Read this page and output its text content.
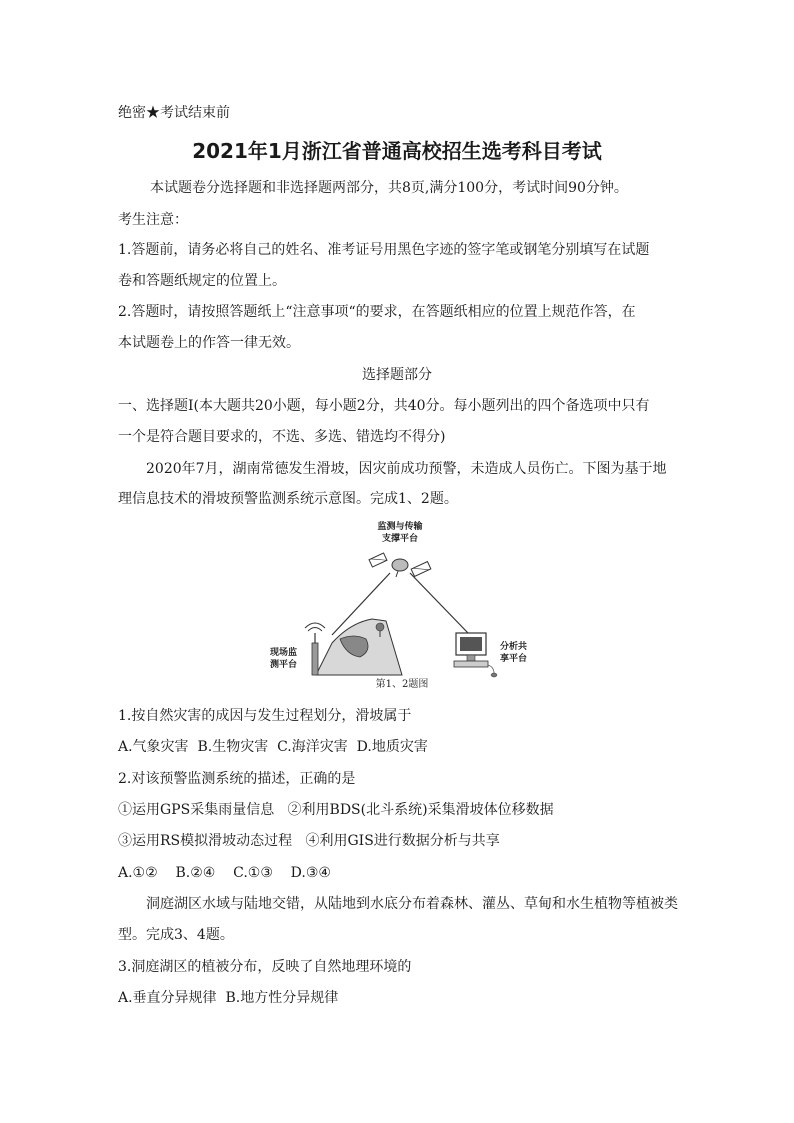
绝密★考试结束前
2021年1月浙江省普通高校招生选考科目考试
本试题卷分选择题和非选择题两部分，共8页,满分100分，考试时间90分钟。
考生注意：
1.答题前，请务必将自己的姓名、准考证号用黑色字迹的签字笔或钢笔分别填写在试题
卷和答题纸规定的位置上。
2.答题时，请按照答题纸上“注意事项“的要求，在答题纸相应的位置上规范作答，在
本试题卷上的作答一律无效。
选择题部分
一、选择题Ⅰ(本大题共20小题，每小题2分，共40分。每小题列出的四个备选项中只有
一个是符合题目要求的，不选、多选、错选均不得分)
2020年7月，湖南常德发生滑坡，因灾前成功预警，未造成人员伤亡。下图为基于地
理信息技术的滑坡预警监测系统示意图。完成1、2题。
监测与传输
支撑平台
现场监
测平台
分析共
享平台
第1、2题图
1.按自然灾害的成因与发生过程划分，滑坡属于
A.气象灾害  B.生物灾害  C.海洋灾害  D.地质灾害
2.对该预警监测系统的描述，正确的是
①运用GPS采集雨量信息   ②利用BDS(北斗系统)采集滑坡体位移数据
③运用RS模拟滑坡动态过程   ④利用GIS进行数据分析与共享
A.①②    B.②④    C.①③    D.③④
洞庭湖区水域与陆地交错，从陆地到水底分布着森林、灌丛、草甸和水生植物等植被类
型。完成3、4题。
3.洞庭湖区的植被分布，反映了自然地理环境的
A.垂直分异规律  B.地方性分异规律
